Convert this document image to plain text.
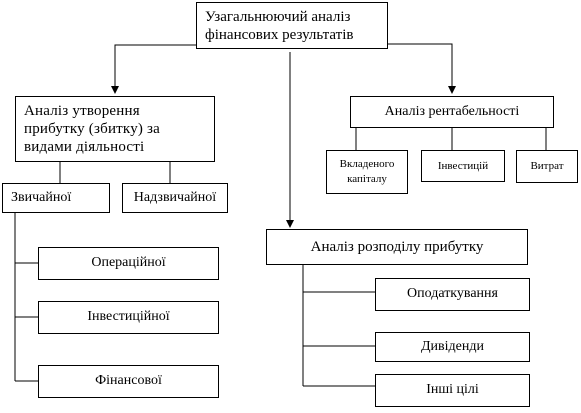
Узагальнюючий аналіз
фінансових результатів
Аналіз утворення
прибутку (збитку) за
видами діяльності
Звичайної	Надзвичайної
Операційної
Інвестиційної
Фінансової
Аналіз рентабельності
Вкладеного
капіталу
Інвестицій	Витрат
Аналіз розподілу прибутку
Оподаткування
Дивіденди
Інші цілі
